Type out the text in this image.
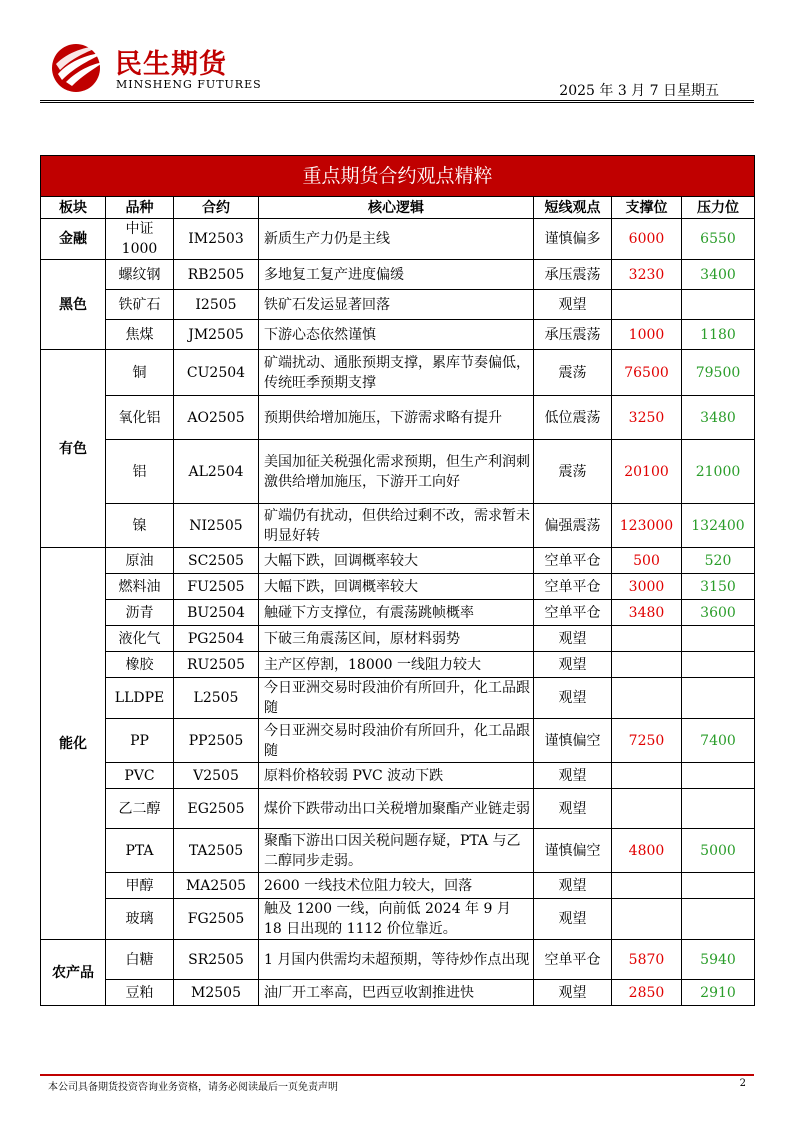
民生期货
MINSHENG FUTURES	2025 年 3 月 7 日星期五
重点期货合约观点精粹						
板块	品种	合约	核心逻辑	短线观点	支撑位	压力位
金融	中证1000	IM2503	新质生产力仍是主线	谨慎偏多	6000	6550
黑色	螺纹钢	RB2505	多地复工复产进度偏缓	承压震荡	3230	3400
	铁矿石	I2505	铁矿石发运显著回落	观望		
	焦煤	JM2505	下游心态依然谨慎	承压震荡	1000	1180
有色	铜	CU2504	矿端扰动、通胀预期支撑，累库节奏偏低，传统旺季预期支撑	震荡	76500	79500
	氧化铝	AO2505	预期供给增加施压，下游需求略有提升	低位震荡	3250	3480
	铝	AL2504	美国加征关税强化需求预期，但生产利润刺激供给增加施压，下游开工向好	震荡	20100	21000
	镍	NI2505	矿端仍有扰动，但供给过剩不改，需求暂未明显好转	偏强震荡	123000	132400
能化	原油	SC2505	大幅下跌，回调概率较大	空单平仓	500	520
	燃料油	FU2505	大幅下跌，回调概率较大	空单平仓	3000	3150
	沥青	BU2504	触碰下方支撑位，有震荡跳帧概率	空单平仓	3480	3600
	液化气	PG2504	下破三角震荡区间，原材料弱势	观望		
	橡胶	RU2505	主产区停割，18000 一线阻力较大	观望		
	LLDPE	L2505	今日亚洲交易时段油价有所回升，化工品跟随	观望		
	PP	PP2505	今日亚洲交易时段油价有所回升，化工品跟随	谨慎偏空	7250	7400
	PVC	V2505	原料价格较弱 PVC 波动下跌	观望		
	乙二醇	EG2505	煤价下跌带动出口关税增加聚酯产业链走弱	观望		
	PTA	TA2505	聚酯下游出口因关税问题存疑，PTA 与乙二醇同步走弱。	谨慎偏空	4800	5000
	甲醇	MA2505	2600 一线技术位阻力较大，回落	观望		
	玻璃	FG2505	触及 1200 一线，向前低 2024 年 9 月 18 日出现的 1112 价位靠近。	观望		
农产品	白糖	SR2505	1 月国内供需均未超预期，等待炒作点出现	空单平仓	5870	5940
	豆粕	M2505	油厂开工率高，巴西豆收割推进快	观望	2850	2910
本公司具备期货投资咨询业务资格，请务必阅读最后一页免责声明	2
